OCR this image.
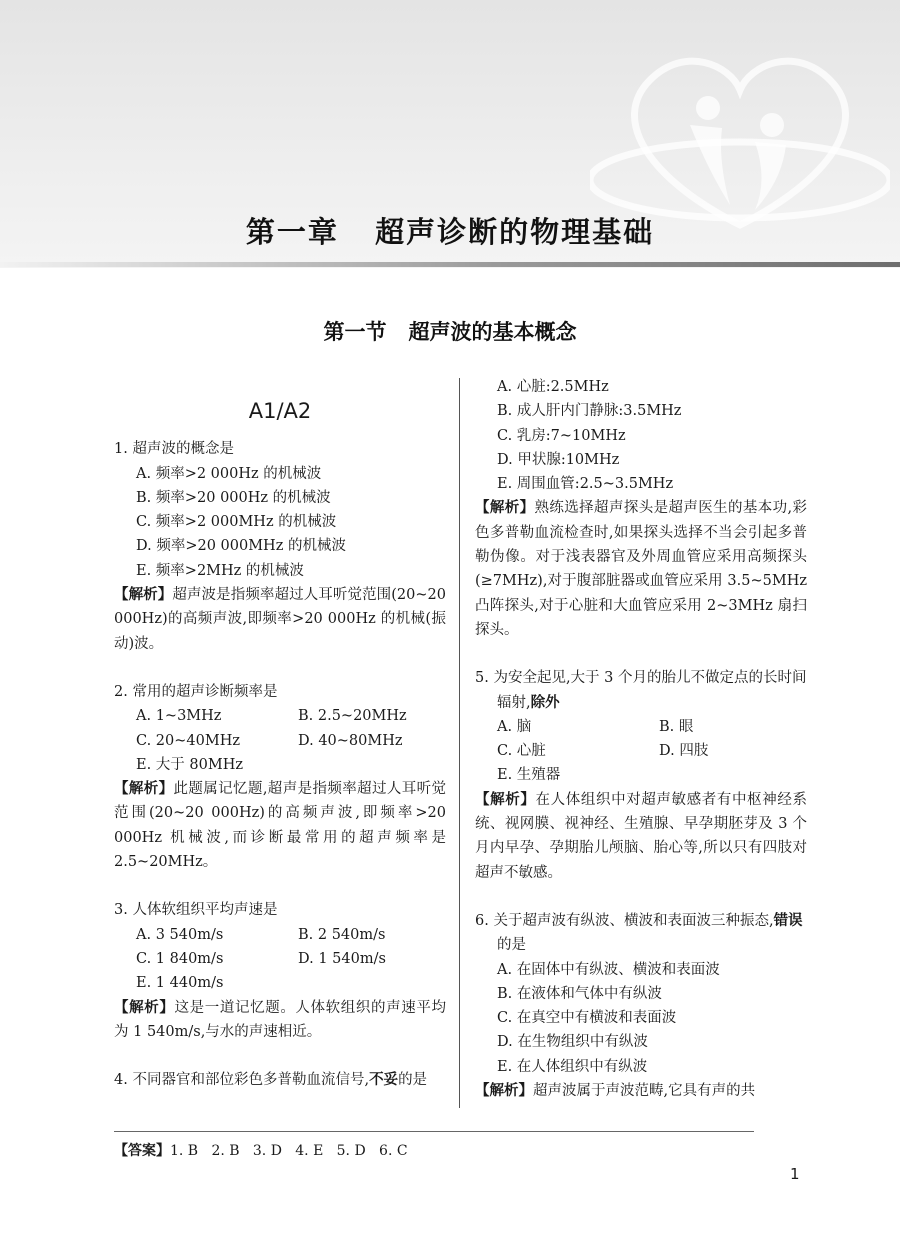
第一章   超声诊断的物理基础
第一节   超声波的基本概念
A1/A2
1. 超声波的概念是
A. 频率>2 000Hz 的机械波
B. 频率>20 000Hz 的机械波
C. 频率>2 000MHz 的机械波
D. 频率>20 000MHz 的机械波
E. 频率>2MHz 的机械波
【解析】超声波是指频率超过人耳听觉范围(20~20 000Hz)的高频声波,即频率>20 000Hz 的机械(振动)波。
2. 常用的超声诊断频率是
A. 1~3MHz	B. 2.5~20MHz
C. 20~40MHz	D. 40~80MHz
E. 大于 80MHz
【解析】此题属记忆题,超声是指频率超过人耳听觉范围(20~20 000Hz)的高频声波,即频率>20 000Hz 机械波,而诊断最常用的超声频率是 2.5~20MHz。
3. 人体软组织平均声速是
A. 3 540m/s	B. 2 540m/s
C. 1 840m/s	D. 1 540m/s
E. 1 440m/s
【解析】这是一道记忆题。人体软组织的声速平均为 1 540m/s,与水的声速相近。
4. 不同器官和部位彩色多普勒血流信号,不妥的是
A. 心脏:2.5MHz
B. 成人肝内门静脉:3.5MHz
C. 乳房:7~10MHz
D. 甲状腺:10MHz
E. 周围血管:2.5~3.5MHz
【解析】熟练选择超声探头是超声医生的基本功,彩色多普勒血流检查时,如果探头选择不当会引起多普勒伪像。对于浅表器官及外周血管应采用高频探头(≥7MHz),对于腹部脏器或血管应采用 3.5~5MHz 凸阵探头,对于心脏和大血管应采用 2~3MHz 扇扫探头。
5. 为安全起见,大于 3 个月的胎儿不做定点的长时间辐射,除外
A. 脑	B. 眼
C. 心脏	D. 四肢
E. 生殖器
【解析】在人体组织中对超声敏感者有中枢神经系统、视网膜、视神经、生殖腺、早孕期胚芽及 3 个月内早孕、孕期胎儿颅脑、胎心等,所以只有四肢对超声不敏感。
6. 关于超声波有纵波、横波和表面波三种振态,错误的是
A. 在固体中有纵波、横波和表面波
B. 在液体和气体中有纵波
C. 在真空中有横波和表面波
D. 在生物组织中有纵波
E. 在人体组织中有纵波
【解析】超声波属于声波范畴,它具有声的共
【答案】1. B   2. B   3. D   4. E   5. D   6. C
1
